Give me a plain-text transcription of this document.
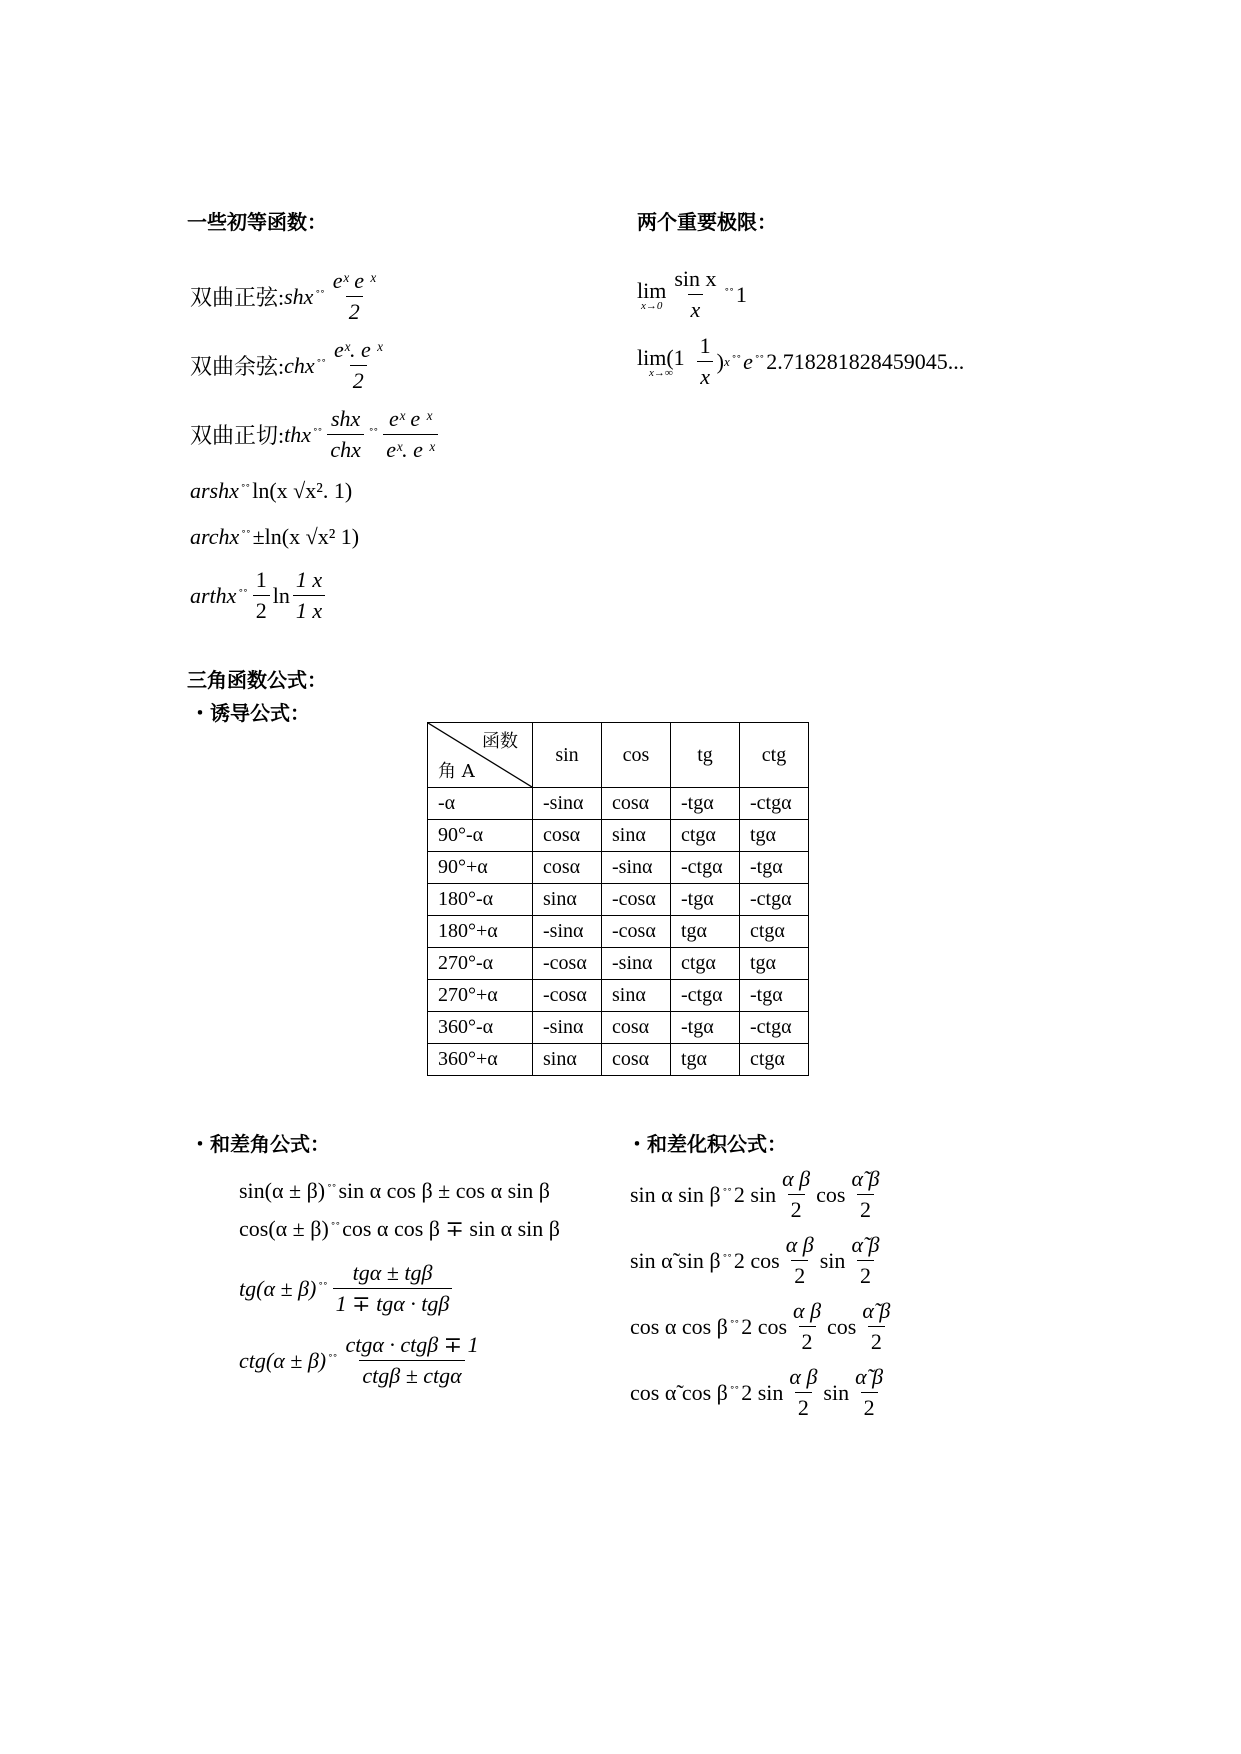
一些初等函数：	两个重要极限：
三角函数公式：
・诱导公式：
・和差角公式：	・和差化积公式：
双曲正弦: shx ˚˚ $\frac{\text{eˣ e ˣ}}{2}$
双曲余弦: chx ˚˚ $\frac{\text{eˣ. e ˣ}}{2}$
双曲正切: thx ˚˚ $\frac{\text{shx}}{\text{chx}}$ ˚˚ $\frac{\text{eˣ e ˣ}}{\text{eˣ. e ˣ}}$
arshx ˚˚ ln(x √x². 1)
archx ˚˚ ±ln(x √x² 1)
arthx ˚˚ $\frac{1}{2}$ $\ln \frac{1 x}{1 x}$
lim
$x\to 0 \frac{\text{sin x}}{x}$ ˚˚ 1
lim(1
$x\to\infty \frac{1}{x}$ ) x ˚˚ e ˚˚ 2.718281828459045...
函数
角 A	sin	cos	tg	ctg
-α	-sinα	cosα	-tgα	-ctgα
90°-α	cosα	sinα	ctgα	tgα
90°+α	cosα	-sinα	-ctgα	-tgα
180°-α	sinα	-cosα	-tgα	-ctgα
180°+α	-sinα	-cosα	tgα	ctgα
270°-α	-cosα	-sinα	ctgα	tgα
270°+α	-cosα	sinα	-ctgα	-tgα
360°-α	-sinα	cosα	-tgα	-ctgα
360°+α	sinα	cosα	tgα	ctgα
sin(α ± β) ˚˚ sin α cos β ± cos α sin β
cos(α ± β) ˚˚ cos α cos β ∓ sin α sin β
tg(α ± β) ˚˚ $\frac{\text{tgα ± tgβ}}{\text{1 ∓ tgα · tgβ}}$
ctg(α ± β) ˚˚ $\frac{\text{ctgα · ctgβ ∓ 1}}{\text{ctgβ ± ctgα}}$
sin α sin β ˚˚ 2 $\sin \frac{\text{α β}}{2}$ $\cos \frac{\alphã \beta}{2}$
sin α̃ sin β ˚˚ 2 $\cos \frac{\text{α β}}{2}$ $\sin \frac{\alphã \beta}{2}$
cos α cos β ˚˚ 2 $\cos \frac{\text{α β}}{2}$ $\cos \frac{\alphã \beta}{2}$
cos α̃ cos β ˚˚ 2 $\sin \frac{\text{α β}}{2}$ $\sin \frac{\alphã \beta}{2}$
